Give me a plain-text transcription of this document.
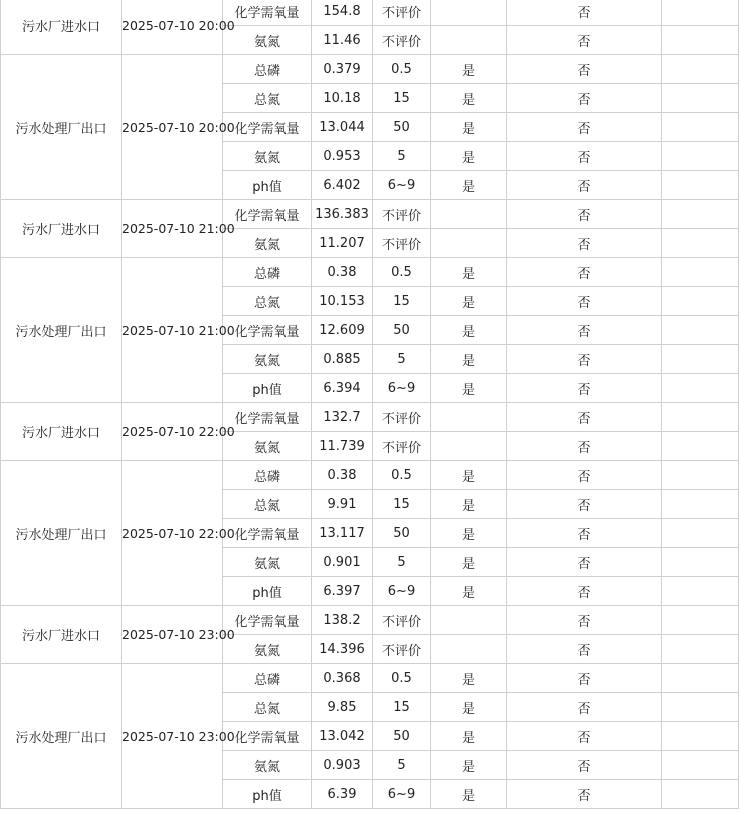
污水厂进水口	2025-07-10 20:00	化学需氧量	154.8	不评价		否	
		氨氮	11.46	不评价		否	
污水处理厂出口	2025-07-10 20:00	总磷	0.379	0.5	是	否	
		总氮	10.18	15	是	否	
		化学需氧量	13.044	50	是	否	
		氨氮	0.953	5	是	否	
		ph值	6.402	6~9	是	否	
污水厂进水口	2025-07-10 21:00	化学需氧量	136.383	不评价		否	
		氨氮	11.207	不评价		否	
污水处理厂出口	2025-07-10 21:00	总磷	0.38	0.5	是	否	
		总氮	10.153	15	是	否	
		化学需氧量	12.609	50	是	否	
		氨氮	0.885	5	是	否	
		ph值	6.394	6~9	是	否	
污水厂进水口	2025-07-10 22:00	化学需氧量	132.7	不评价		否	
		氨氮	11.739	不评价		否	
污水处理厂出口	2025-07-10 22:00	总磷	0.38	0.5	是	否	
		总氮	9.91	15	是	否	
		化学需氧量	13.117	50	是	否	
		氨氮	0.901	5	是	否	
		ph值	6.397	6~9	是	否	
污水厂进水口	2025-07-10 23:00	化学需氧量	138.2	不评价		否	
		氨氮	14.396	不评价		否	
污水处理厂出口	2025-07-10 23:00	总磷	0.368	0.5	是	否	
		总氮	9.85	15	是	否	
		化学需氧量	13.042	50	是	否	
		氨氮	0.903	5	是	否	
		ph值	6.39	6~9	是	否	
